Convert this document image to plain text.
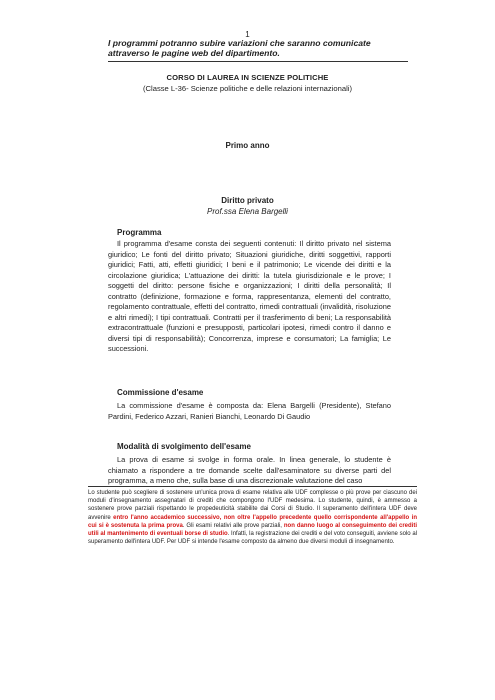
1
I programmi potranno subire variazioni che saranno comunicate attraverso le pagine web del dipartimento.
CORSO DI LAUREA IN SCIENZE POLITICHE
(Classe L-36- Scienze politiche e delle relazioni internazionali)
Primo anno
Diritto privato
Prof.ssa Elena Bargelli
Programma
Il programma d'esame consta dei seguenti contenuti: Il diritto privato nel sistema giuridico; Le fonti del diritto privato; Situazioni giuridiche, diritti soggettivi, rapporti giuridici; Fatti, atti, effetti giuridici; I beni e il patrimonio; Le vicende dei diritti e la circolazione giuridica; L'attuazione dei diritti: la tutela giurisdizionale e le prove; I soggetti del diritto: persone fisiche e organizzazioni; I diritti della personalità; Il contratto (definizione, formazione e forma, rappresentanza, elementi del contratto, regolamento contrattuale, effetti del contratto, rimedi contrattuali (invalidità, risoluzione e altri rimedi); I tipi contrattuali. Contratti per il trasferimento di beni; La responsabilità extracontrattuale (funzioni e presupposti, particolari ipotesi, rimedi contro il danno e diversi tipi di responsabilità); Concorrenza, imprese e consumatori; La famiglia; Le successioni.
Commissione d'esame
La commissione d'esame è composta da: Elena Bargelli (Presidente), Stefano Pardini, Federico Azzari, Ranieri Bianchi, Leonardo Di Gaudio
Modalità di svolgimento dell'esame
La prova di esame si svolge in forma orale. In linea generale, lo studente è chiamato a rispondere a tre domande scelte dall'esaminatore su diverse parti del programma, a meno che, sulla base di una discrezionale valutazione del caso
Lo studente può scegliere di sostenere un'unica prova di esame relativa alle UDF complesse o più prove per ciascuno dei moduli d'insegnamento assegnatari di crediti che compongono l'UDF medesima. Lo studente, quindi, è ammesso a sostenere prove parziali rispettando le propedeuticità stabilite dai Corsi di Studio. Il superamento dell'intera UDF deve avvenire entro l'anno accademico successivo, non oltre l'appello precedente quello corrispondente all'appello in cui si è sostenuta la prima prova. Gli esami relativi alle prove parziali, non danno luogo al conseguimento dei crediti utili al mantenimento di eventuali borse di studio. Infatti, la registrazione dei crediti e del voto conseguiti, avviene solo al superamento dell'intera UDF. Per UDF si intende l'esame composto da almeno due diversi moduli di insegnamento.
